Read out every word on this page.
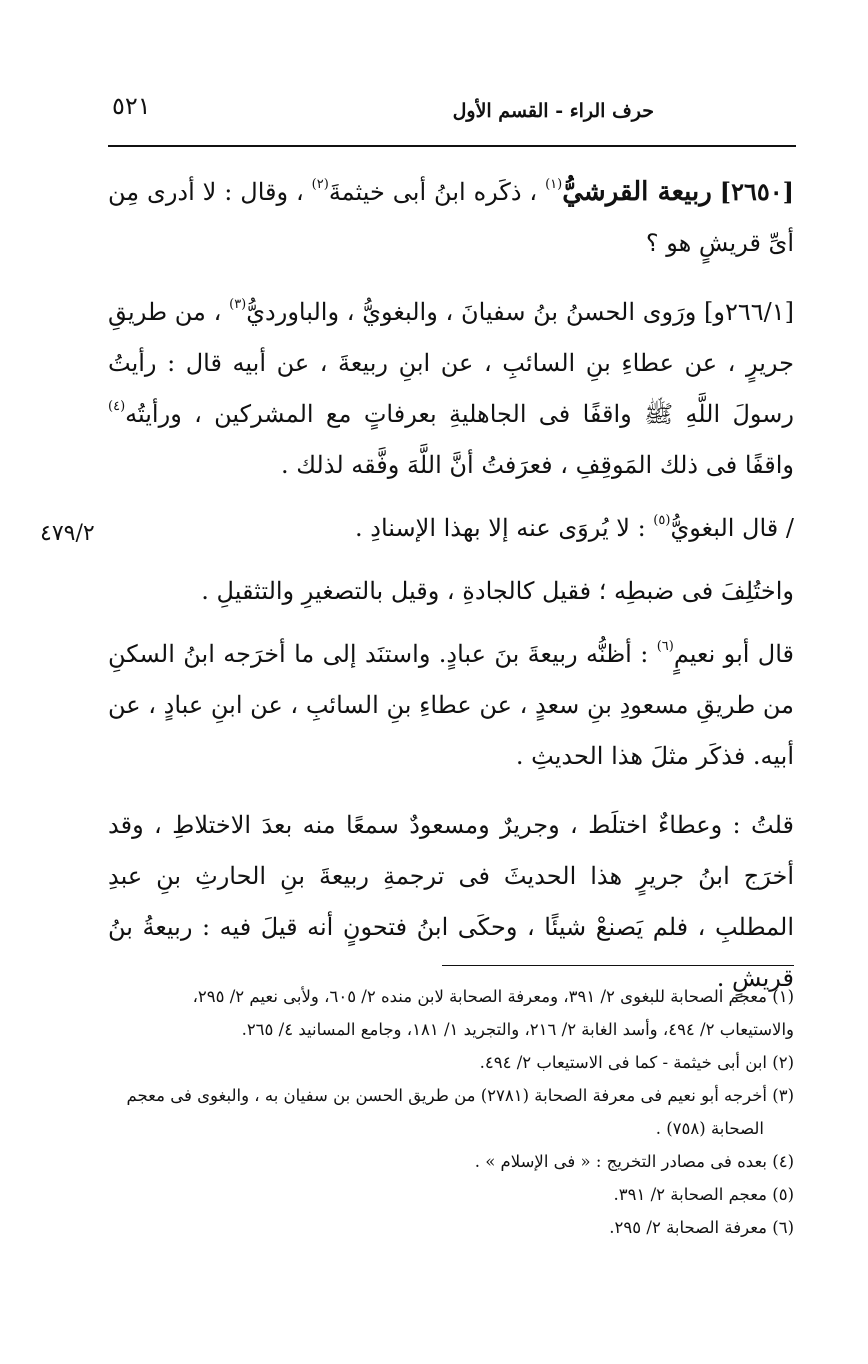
حرف الراء - القسم الأول
٥٢١
٤٧٩/٢

[٢٦٥٠] ربيعة القرشيُّ$^{(١)}$ ، ذكَره ابنُ أبى خيثمةَ$^{(٢)}$ ، وقال : لا أدرى مِن أىِّ قريشٍ هو ؟

[٢٦٦/١و] ورَوى الحسنُ بنُ سفيانَ ، والبغويُّ ، والباورديُّ$^{(٣)}$ ، من طريقِ جريرٍ ، عن عطاءِ بنِ السائبِ ، عن ابنِ ربيعةَ ، عن أبيه قال : رأيتُ رسولَ اللَّهِ ﷺ واقفًا فى الجاهليةِ بعرفاتٍ مع المشركين ، ورأيتُه$^{(٤)}$ واقفًا فى ذلك المَوقِفِ ، فعرَفتُ أنَّ اللَّهَ وفَّقه لذلك .

/ قال البغويُّ$^{(٥)}$ : لا يُروَى عنه إلا بهذا الإسنادِ .

واختُلِفَ فى ضبطِه ؛ فقيل كالجادةِ ، وقيل بالتصغيرِ والتثقيلِ .

قال أبو نعيمٍ$^{(٦)}$ : أظنُّه ربيعةَ بنَ عبادٍ. واستنَد إلى ما أخرَجه ابنُ السكنِ من طريقِ مسعودِ بنِ سعدٍ ، عن عطاءِ بنِ السائبِ ، عن ابنِ عبادٍ ، عن أبيه. فذكَر مثلَ هذا الحديثِ .

قلتُ : وعطاءٌ اختلَط ، وجريرٌ ومسعودٌ سمعًا منه بعدَ الاختلاطِ ، وقد أخرَج ابنُ جريرٍ هذا الحديثَ فى ترجمةِ ربيعةَ بنِ الحارثِ بنِ عبدِ المطلبِ ، فلم يَصنعْ شيئًا ، وحكَى ابنُ فتحونٍ أنه قيلَ فيه : ربيعةُ بنُ قريشٍ .

(١) معجم الصحابة للبغوى ٢/ ٣٩١، ومعرفة الصحابة لابن منده ٢/ ٦٠٥، ولأبى نعيم ٢/ ٢٩٥،

والاستيعاب ٢/ ٤٩٤، وأسد الغابة ٢/ ٢١٦، والتجريد ١/ ١٨١، وجامع المسانيد ٤/ ٢٦٥.

(٢) ابن أبى خيثمة - كما فى الاستيعاب ٢/ ٤٩٤.

(٣) أخرجه أبو نعيم فى معرفة الصحابة (٢٧٨١) من طريق الحسن بن سفيان به ، والبغوى فى معجم

الصحابة (٧٥٨) .

(٤) بعده فى مصادر التخريج : « فى الإسلام » .

(٥) معجم الصحابة ٢/ ٣٩١.

(٦) معرفة الصحابة ٢/ ٢٩٥.
